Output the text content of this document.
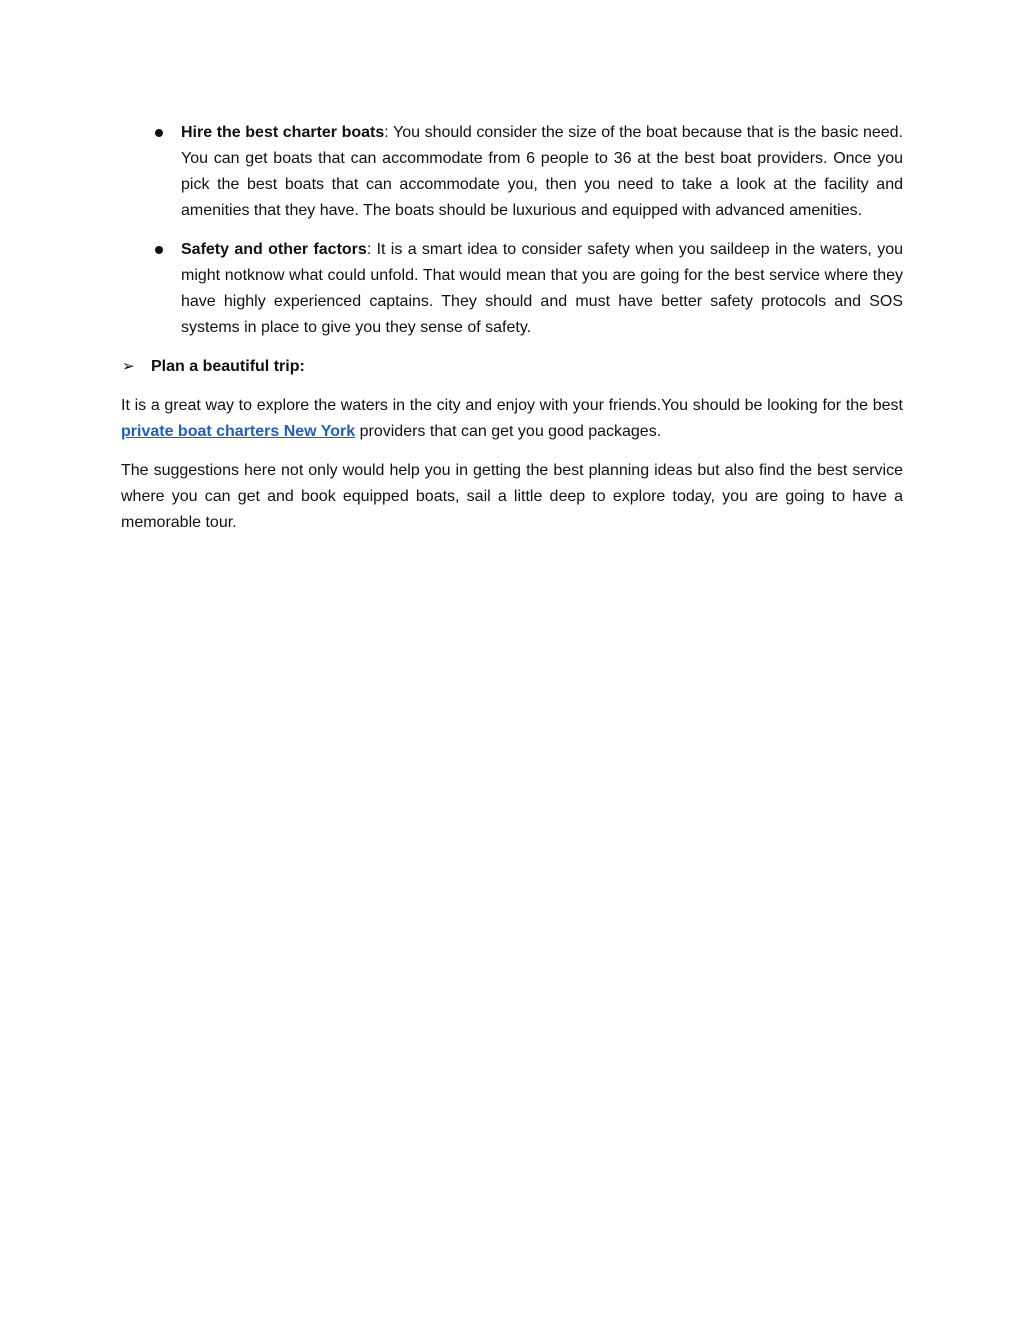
Hire the best charter boats: You should consider the size of the boat because that is the basic need. You can get boats that can accommodate from 6 people to 36 at the best boat providers. Once you pick the best boats that can accommodate you, then you need to take a look at the facility and amenities that they have. The boats should be luxurious and equipped with advanced amenities.
Safety and other factors: It is a smart idea to consider safety when you saildeep in the waters, you might notknow what could unfold. That would mean that you are going for the best service where they have highly experienced captains. They should and must have better safety protocols and SOS systems in place to give you they sense of safety.
➢ Plan a beautiful trip:

It is a great way to explore the waters in the city and enjoy with your friends.You should be looking for the best private boat charters New York providers that can get you good packages.

The suggestions here not only would help you in getting the best planning ideas but also find the best service where you can get and book equipped boats, sail a little deep to explore today, you are going to have a memorable tour.
